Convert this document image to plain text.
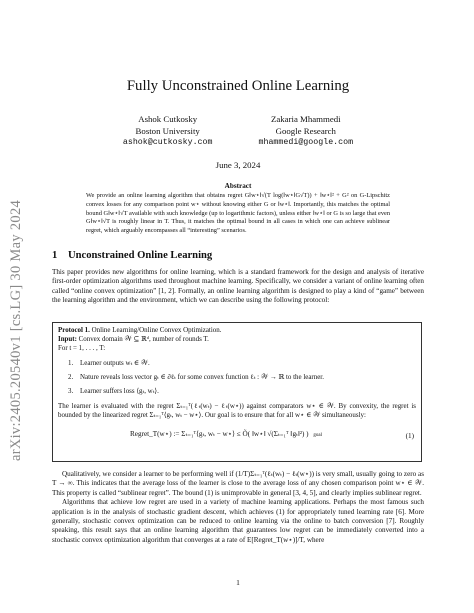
arXiv:2405.20540v1 [cs.LG] 30 May 2024
Fully Unconstrained Online Learning
Ashok Cutkosky
Boston University
ashok@cutkosky.com
Zakaria Mhammedi
Google Research
mhammedi@google.com
June 3, 2024
Abstract
We provide an online learning algorithm that obtains regret G‖w⋆‖√(T log(‖w⋆‖G√T)) + ‖w⋆‖² + G² on G-Lipschitz convex losses for any comparison point w⋆ without knowing either G or ‖w⋆‖. Importantly, this matches the optimal bound G‖w⋆‖√T available with such knowledge (up to logarithmic factors), unless either ‖w⋆‖ or G is so large that even G‖w⋆‖√T is roughly linear in T. Thus, it matches the optimal bound in all cases in which one can achieve sublinear regret, which arguably encompasses all “interesting” scenarios.
1 Unconstrained Online Learning
This paper provides new algorithms for online learning, which is a standard framework for the design and analysis of iterative first-order optimization algorithms used throughout machine learning. Specifically, we consider a variant of online learning often called “online convex optimization” [1, 2]. Formally, an online learning algorithm is designed to play a kind of “game” between the learning algorithm and the environment, which we can describe using the following protocol:
Protocol 1. Online Learning/Online Convex Optimization.
Input: Convex domain 𝒲 ⊆ ℝᵈ, number of rounds T.
For t = 1, . . . , T:
1. Learner outputs wₜ ∈ 𝒲.
2. Nature reveals loss vector gₜ ∈ ∂ℓₜ for some convex function ℓₜ : 𝒲 → ℝ to the learner.
3. Learner suffers loss ⟨gₜ, wₜ⟩.
The learner is evaluated with the regret Σₜ₌₁ᵀ(ℓₜ(wₜ) − ℓₜ(w⋆)) against comparators w⋆ ∈ 𝒲. By convexity, the regret is bounded by the linearized regret Σₜ₌₁ᵀ⟨gₜ, wₜ − w⋆⟩. Our goal is to ensure that for all w⋆ ∈ 𝒲 simultaneously:
Regret_T(w⋆) := Σₜ₌₁ᵀ⟨gₜ, wₜ − w⋆⟩ ≤ Õ( ‖w⋆‖ √(Σₜ₌₁ᵀ ‖gₜ‖²) ) goal	(1)

Qualitatively, we consider a learner to be performing well if (1/T)Σₜ₌₁ᵀ(ℓₜ(wₜ) − ℓₜ(w⋆)) is very small, usually going to zero as T → ∞. This indicates that the average loss of the learner is close to the average loss of any chosen comparison point w⋆ ∈ 𝒲. This property is called “sublinear regret”. The bound (1) is unimprovable in general [3, 4, 5], and clearly implies sublinear regret.

Algorithms that achieve low regret are used in a variety of machine learning applications. Perhaps the most famous such application is in the analysis of stochastic gradient descent, which achieves (1) for appropriately tuned learning rate [6]. More generally, stochastic convex optimization can be reduced to online learning via the online to batch conversion [7]. Roughly speaking, this result says that an online learning algorithm that guarantees low regret can be immediately converted into a stochastic convex optimization algorithm that converges at a rate of E[Regret_T(w⋆)]/T, where

1
